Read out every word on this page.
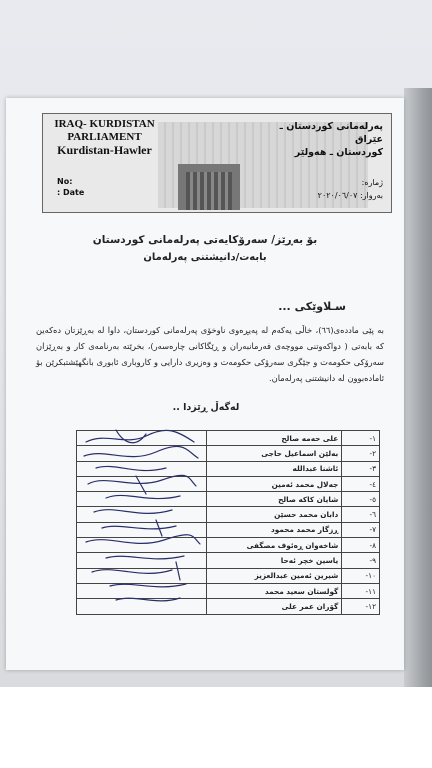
IRAQ- KURDISTAN
PARLIAMENT
Kurdistan-Hawler
پەرلەمانی کوردستان ـ عێراق
کوردستان ـ هەولێر
No:
: Date
ژمارە:
بەروار: ٢٠٢٠/٠٦/٠٧
بۆ بەڕێز/ سەرۆکایەتی پەرلەمانی کوردستان
بابەت/دانیشتنی پەرلەمان
سـلاوێکی ...
بە پێی ماددەی(٦٦)، خاڵی یەکەم لە پەیڕەوی ناوخۆی پەرلەمانی کوردستان، داوا لە بەڕێزتان دەکەین کە بابەتی ( دواکەوتنی مووچەی فەرمانبەران و ڕێگاکانی چارەسەر)، بخرێتە بەرنامەی کار و بەڕێزان سەرۆکی حکومەت و جێگری سەرۆکی حکومەت و وەزیری دارایی و کاروباری ئابوری بانگهێشتبکرێن بۆ ئامادەبوون لە دانیشتنی پەرلەمان.
لەگەڵ ڕێزدا ..
-١	علی حەمە صالح	
-٢	بەلێن اسماعیل حاجی	
-٣	ئاشنا عبدالله	
-٤	جەلال محمد ئەمین	
-٥	شایان کاکە صالح	
-٦	دابان محمد حسێن	
-٧	ڕزگار محمد محمود	
-٨	شاخەوان ڕەئوف مصگفی	
-٩	یاسین خچر ئەحا	
-١٠	شیرین ئەمین عبدالعزیز	
-١١	گولستان سعید محمد	
-١٢	گۆران عمر علی	
